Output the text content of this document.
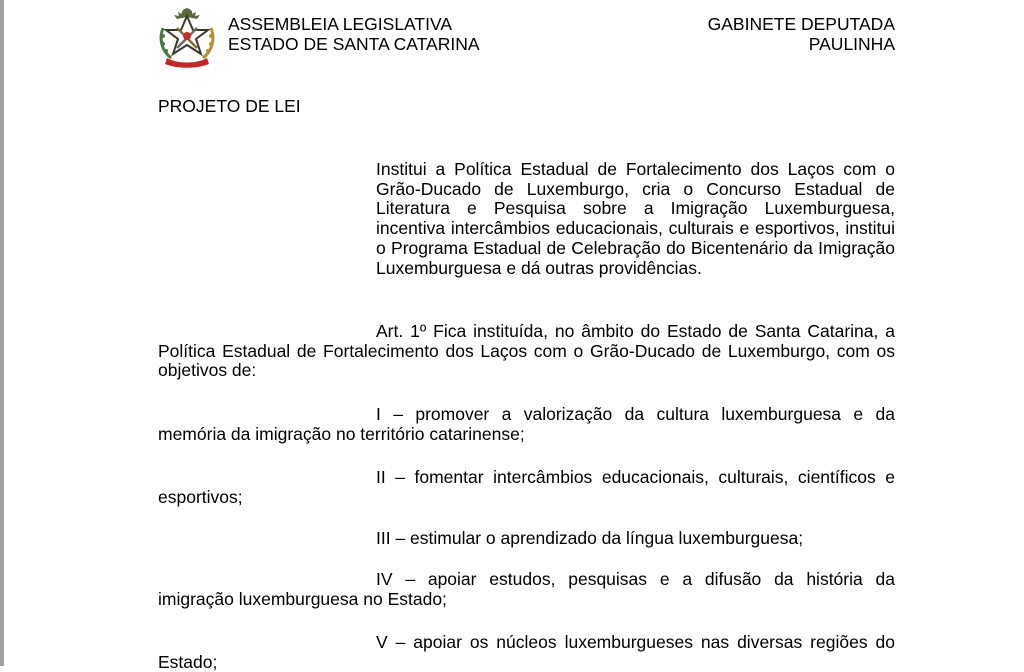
ASSEMBLEIA LEGISLATIVA
ESTADO DE SANTA CATARINA
GABINETE DEPUTADA
PAULINHA
PROJETO DE LEI
Institui a Política Estadual de Fortalecimento dos Laços com o Grão-Ducado de Luxemburgo, cria o Concurso Estadual de Literatura e Pesquisa sobre a Imigração Luxemburguesa, incentiva intercâmbios educacionais, culturais e esportivos, institui o Programa Estadual de Celebração do Bicentenário da Imigração Luxemburguesa e dá outras providências.
Art. 1º Fica instituída, no âmbito do Estado de Santa Catarina, a Política Estadual de Fortalecimento dos Laços com o Grão-Ducado de Luxemburgo, com os objetivos de:
I – promover a valorização da cultura luxemburguesa e da memória da imigração no território catarinense;
II – fomentar intercâmbios educacionais, culturais, científicos e esportivos;
III – estimular o aprendizado da língua luxemburguesa;
IV – apoiar estudos, pesquisas e a difusão da história da imigração luxemburguesa no Estado;
V – apoiar os núcleos luxemburgueses nas diversas regiões do Estado;
